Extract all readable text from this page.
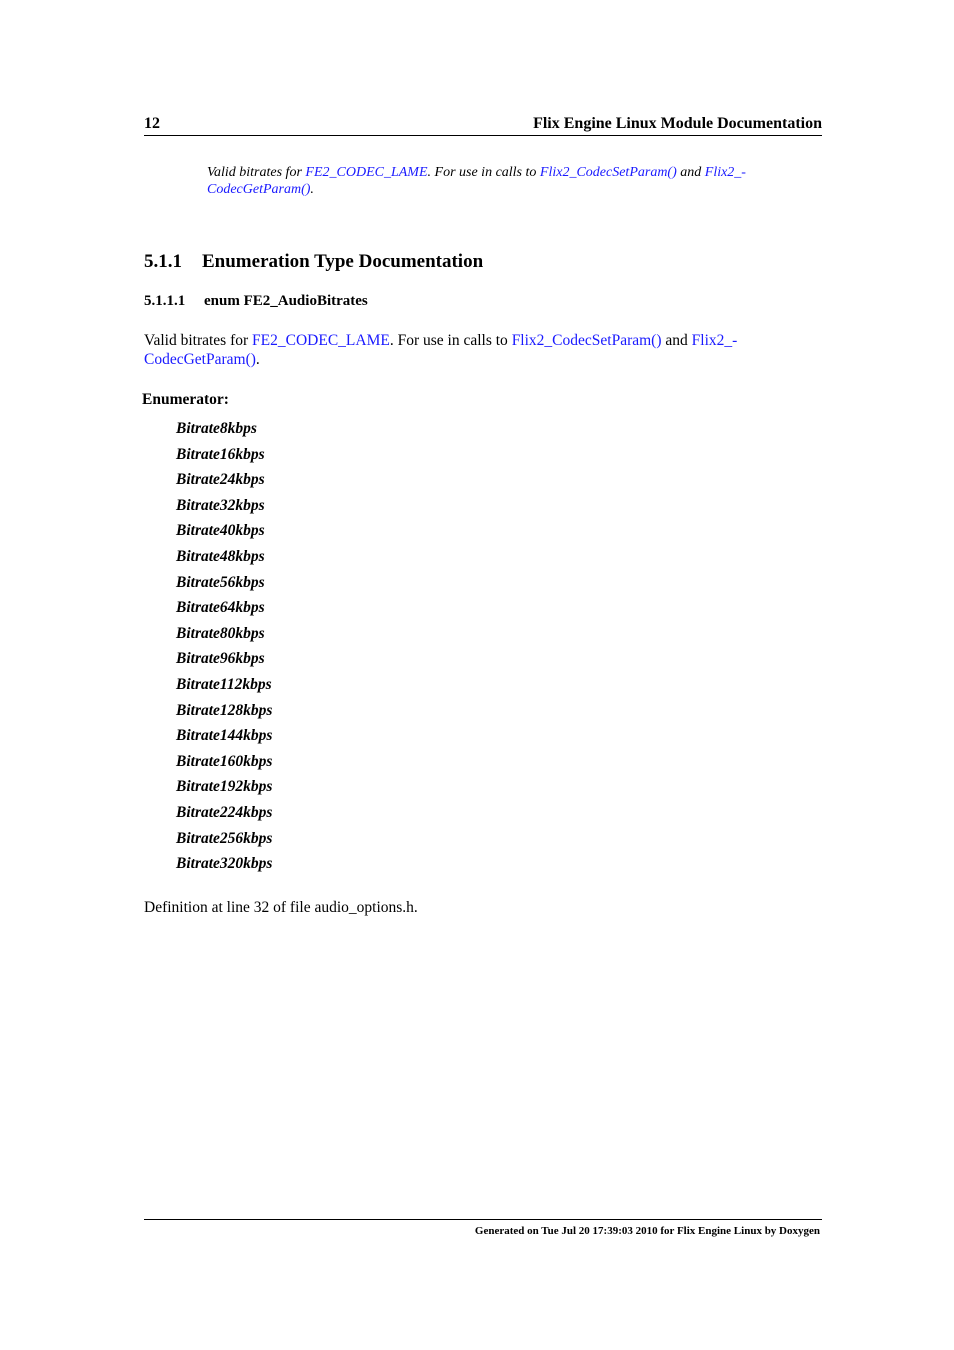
12	Flix Engine Linux Module Documentation
Valid bitrates for FE2_CODEC_LAME. For use in calls to Flix2_CodecSetParam() and Flix2_-
CodecGetParam().
5.1.1 Enumeration Type Documentation
5.1.1.1 enum FE2_AudioBitrates
Valid bitrates for FE2_CODEC_LAME. For use in calls to Flix2_CodecSetParam() and Flix2_-
CodecGetParam().
Enumerator:
Bitrate8kbps
Bitrate16kbps
Bitrate24kbps
Bitrate32kbps
Bitrate40kbps
Bitrate48kbps
Bitrate56kbps
Bitrate64kbps
Bitrate80kbps
Bitrate96kbps
Bitrate112kbps
Bitrate128kbps
Bitrate144kbps
Bitrate160kbps
Bitrate192kbps
Bitrate224kbps
Bitrate256kbps
Bitrate320kbps
Definition at line 32 of file audio_options.h.
Generated on Tue Jul 20 17:39:03 2010 for Flix Engine Linux by Doxygen
